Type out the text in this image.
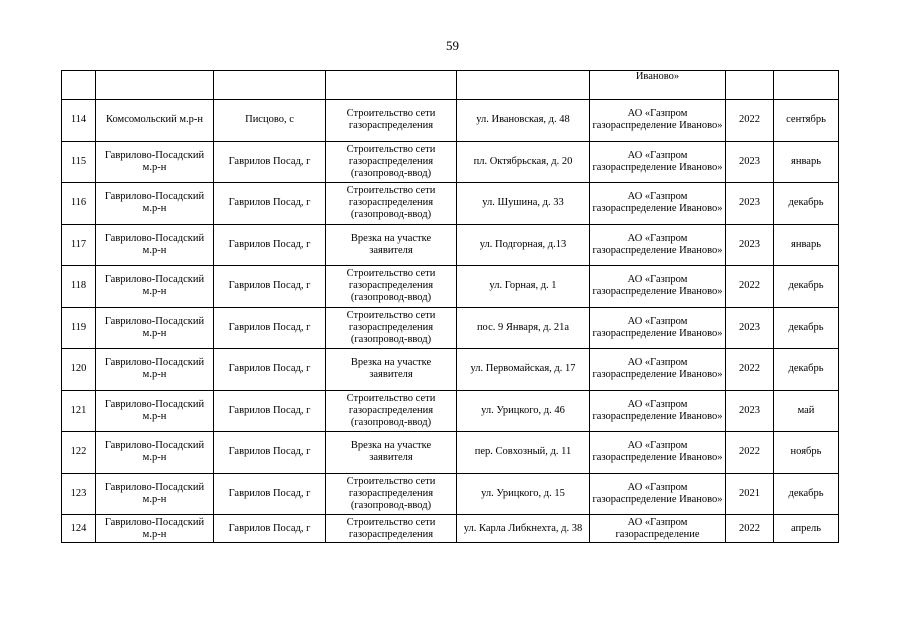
59
					Иваново»		
114	Комсомольский м.р-н	Писцово, с	Строительство сети газораспределения	ул. Ивановская, д. 48	АО «Газпром газораспределение Иваново»	2022	сентябрь
115	Гаврилово-Посадский м.р-н	Гаврилов Посад, г	Строительство сети газораспределения (газопровод-ввод)	пл. Октябрьская, д. 20	АО «Газпром газораспределение Иваново»	2023	январь
116	Гаврилово-Посадский м.р-н	Гаврилов Посад, г	Строительство сети газораспределения (газопровод-ввод)	ул. Шушина, д. 33	АО «Газпром газораспределение Иваново»	2023	декабрь
117	Гаврилово-Посадский м.р-н	Гаврилов Посад, г	Врезка на участке заявителя	ул. Подгорная, д.13	АО «Газпром газораспределение Иваново»	2023	январь
118	Гаврилово-Посадский м.р-н	Гаврилов Посад, г	Строительство сети газораспределения (газопровод-ввод)	ул. Горная, д. 1	АО «Газпром газораспределение Иваново»	2022	декабрь
119	Гаврилово-Посадский м.р-н	Гаврилов Посад, г	Строительство сети газораспределения (газопровод-ввод)	пос. 9 Января, д. 21а	АО «Газпром газораспределение Иваново»	2023	декабрь
120	Гаврилово-Посадский м.р-н	Гаврилов Посад, г	Врезка на участке заявителя	ул. Первомайская, д. 17	АО «Газпром газораспределение Иваново»	2022	декабрь
121	Гаврилово-Посадский м.р-н	Гаврилов Посад, г	Строительство сети газораспределения (газопровод-ввод)	ул. Урицкого, д. 46	АО «Газпром газораспределение Иваново»	2023	май
122	Гаврилово-Посадский м.р-н	Гаврилов Посад, г	Врезка на участке заявителя	пер. Совхозный, д. 11	АО «Газпром газораспределение Иваново»	2022	ноябрь
123	Гаврилово-Посадский м.р-н	Гаврилов Посад, г	Строительство сети газораспределения (газопровод-ввод)	ул. Урицкого, д. 15	АО «Газпром газораспределение Иваново»	2021	декабрь
124	Гаврилово-Посадский м.р-н	Гаврилов Посад, г	Строительство сети газораспределения	ул. Карла Либкнехта, д. 38	АО «Газпром газораспределение	2022	апрель
